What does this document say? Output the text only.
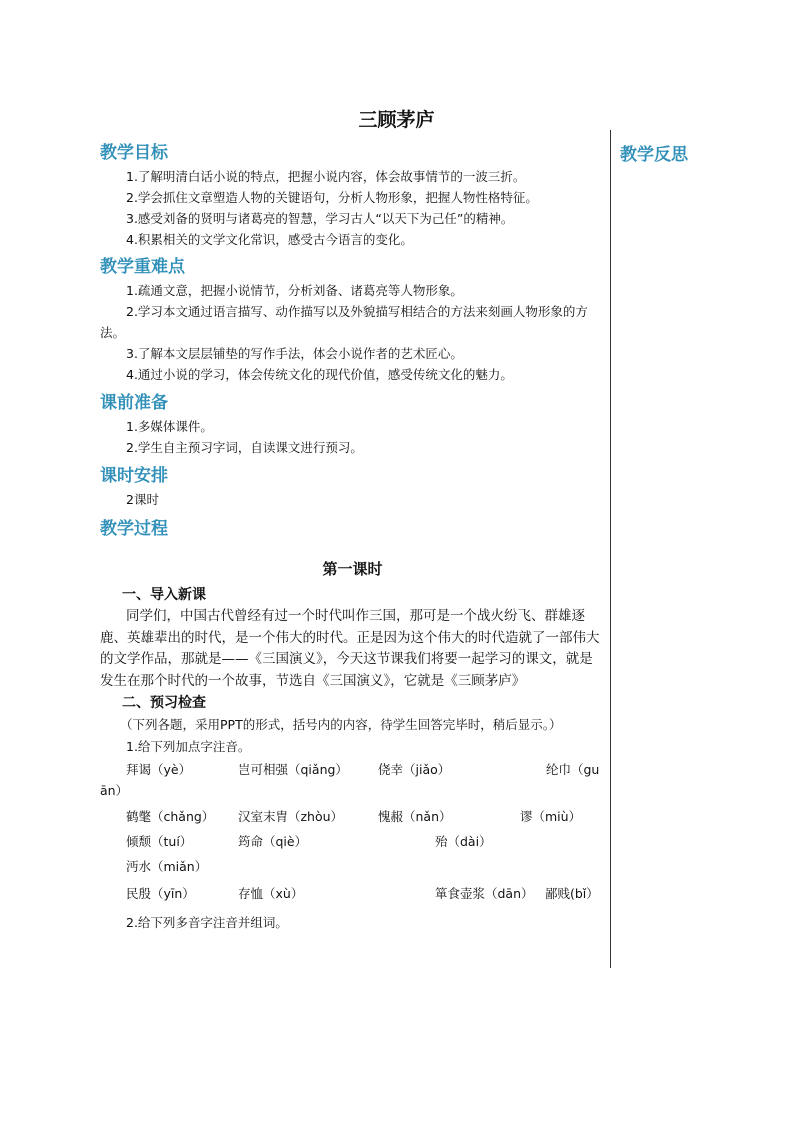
三顾茅庐
教学反思
教学目标

1.了解明清白话小说的特点，把握小说内容，体会故事情节的一波三折。

2.学会抓住文章塑造人物的关键语句，分析人物形象，把握人物性格特征。

3.感受刘备的贤明与诸葛亮的智慧，学习古人“以天下为己任”的精神。

4.积累相关的文学文化常识，感受古今语言的变化。

教学重难点

1.疏通文意，把握小说情节，分析刘备、诸葛亮等人物形象。

2.学习本文通过语言描写、动作描写以及外貌描写相结合的方法来刻画人物形象的方法。

3.了解本文层层铺垫的写作手法，体会小说作者的艺术匠心。

4.通过小说的学习，体会传统文化的现代价值，感受传统文化的魅力。

课前准备

1.多媒体课件。

2.学生自主预习字词，自读课文进行预习。

课时安排

2课时

教学过程
第一课时
一、导入新课

同学们，中国古代曾经有过一个时代叫作三国，那可是一个战火纷飞、群雄逐鹿、英雄辈出的时代，是一个伟大的时代。正是因为这个伟大的时代造就了一部伟大的文学作品，那就是——《三国演义》，今天这节课我们将要一起学习的课文，就是发生在那个时代的一个故事，节选自《三国演义》，它就是《三顾茅庐》

二、预习检查
（下列各题，采用PPT的形式，括号内的内容，待学生回答完毕时，稍后显示。）
1.给下列加点字注音。
拜谒（yè）	岂可相强（qiǎng） 侥幸（jiǎo）	纶巾（gu
ān）
鹤氅（chǎng） 汉室末胄（zhòu）	愧赧（nǎn）	谬（miù）
倾颓（tuí）	筠命（qiè）	殆（dài）
沔水（miǎn）
民殷（yīn）	存恤（xù）	箪食壶浆（dān） 鄙贱(bǐ）
2.给下列多音字注音并组词。
